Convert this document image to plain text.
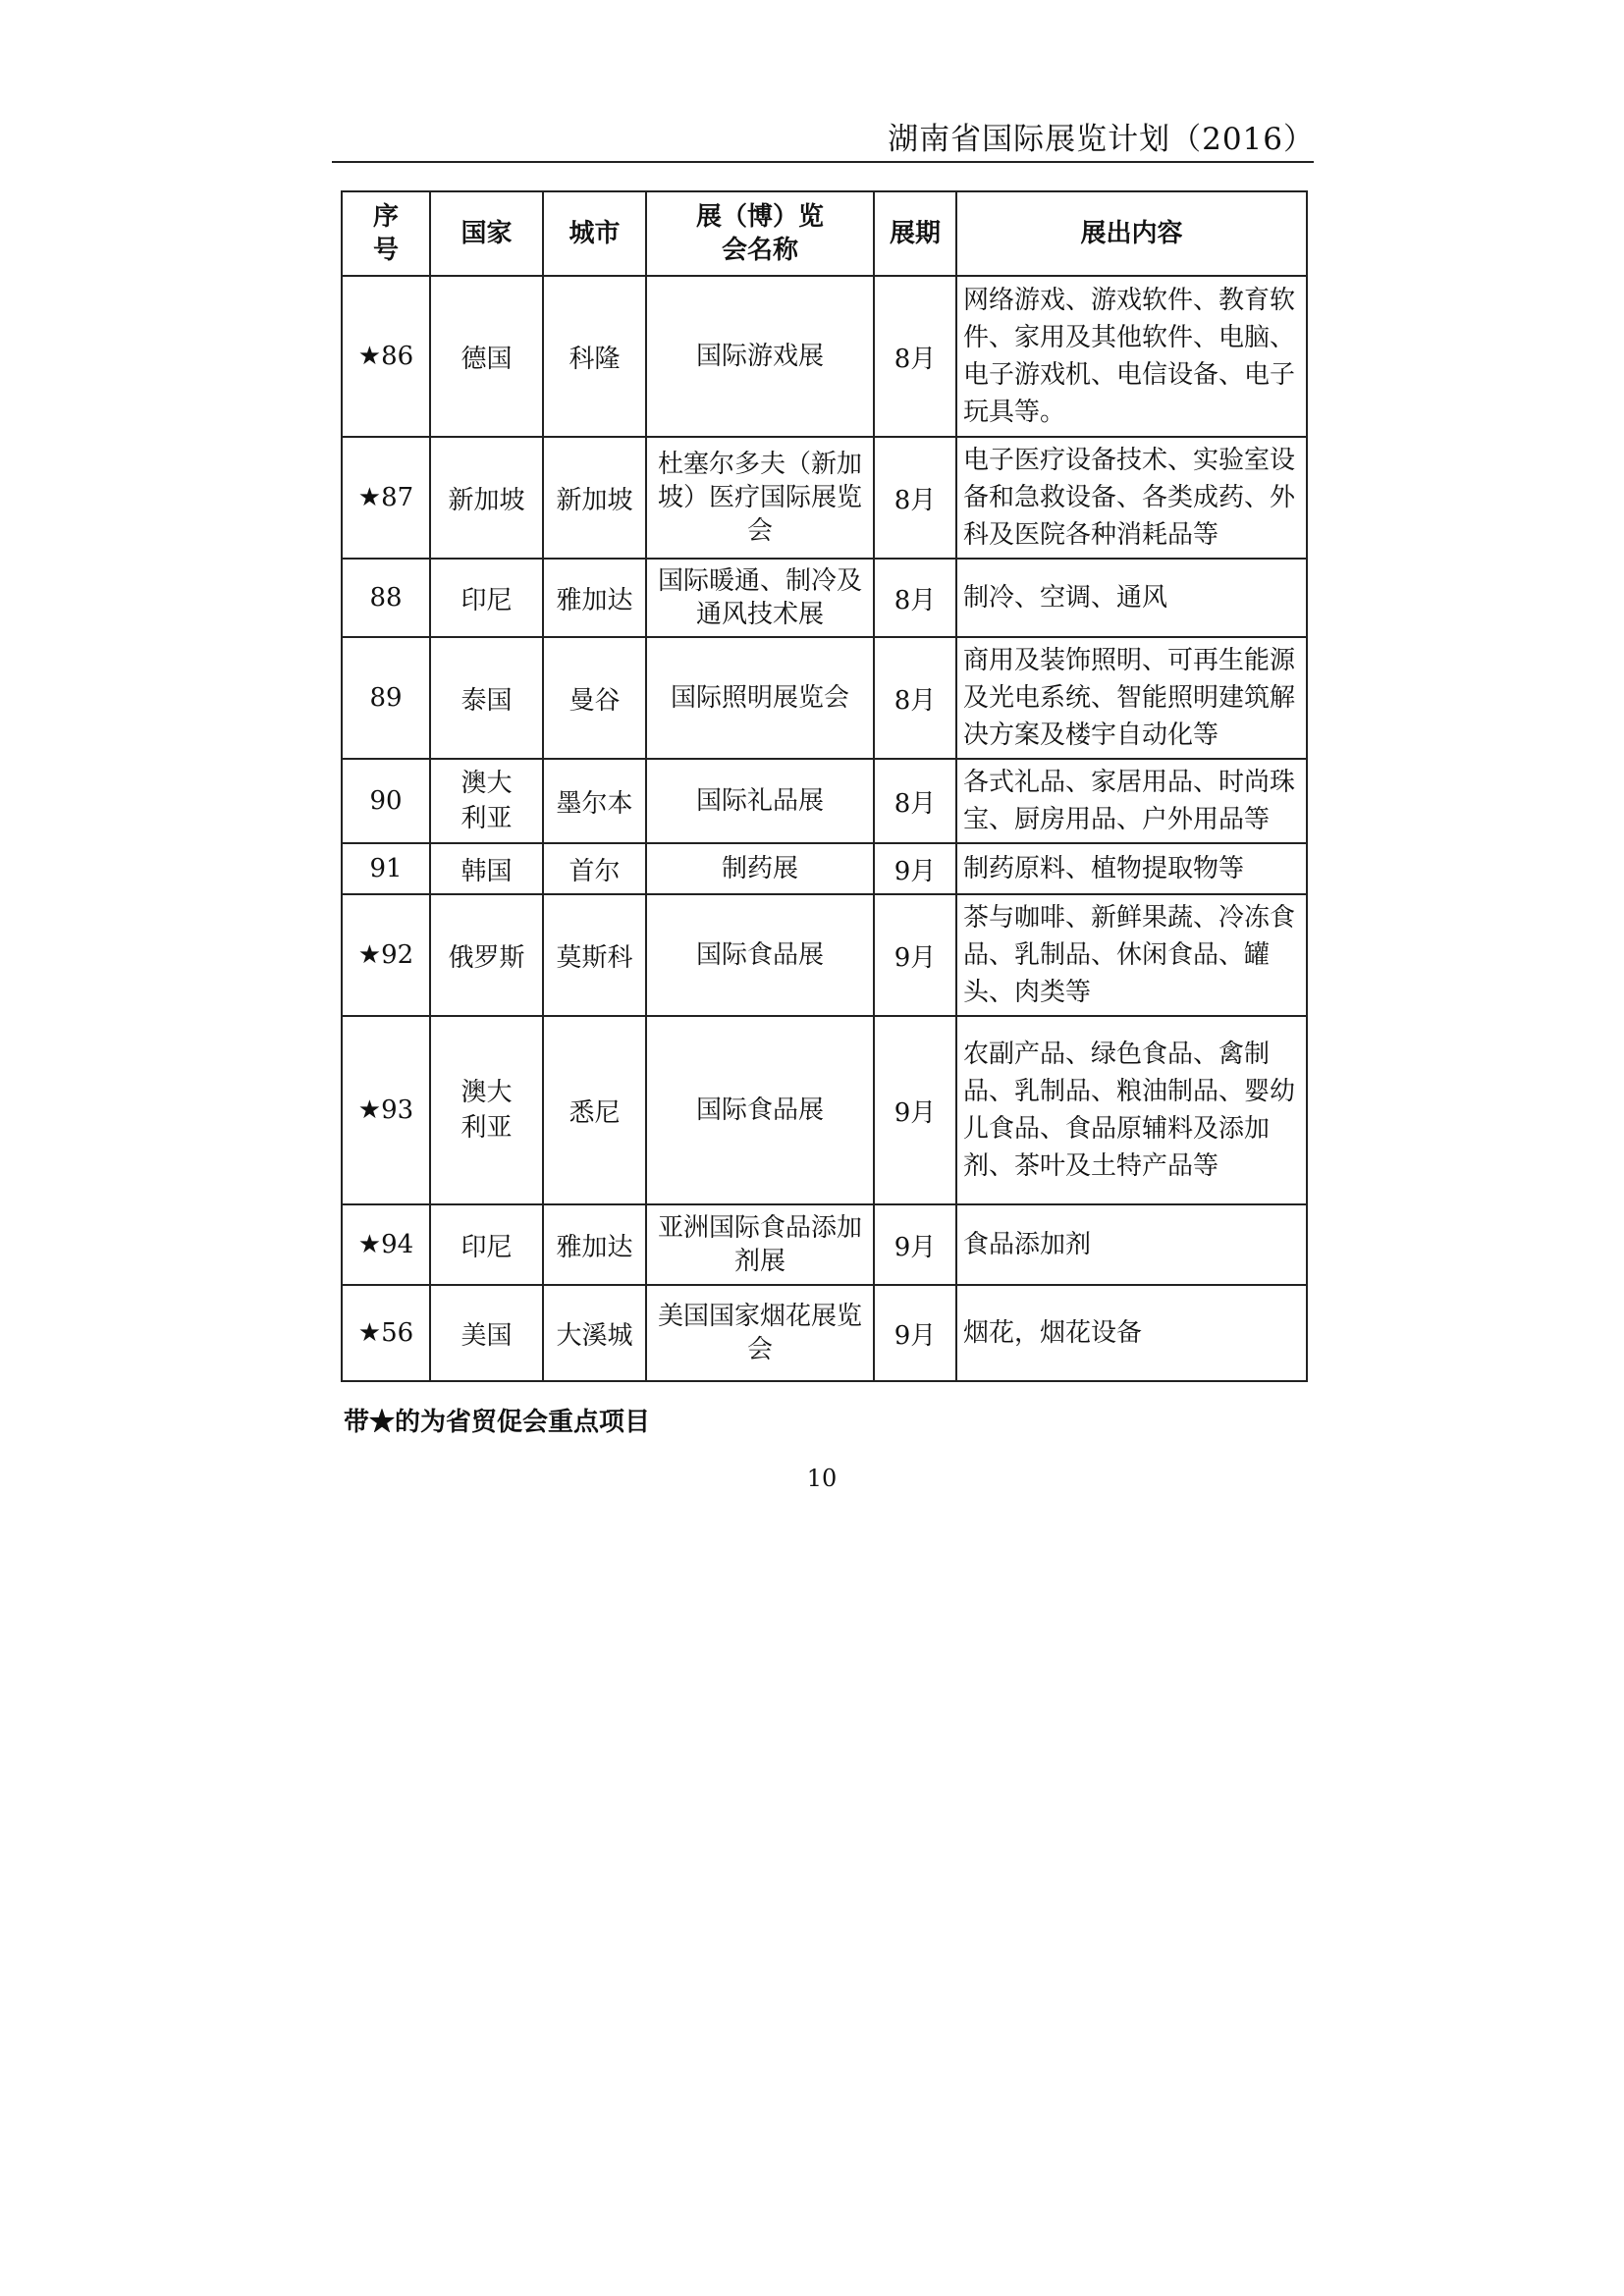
湖南省国际展览计划（2016）
序号	国家	城市	展（博）览会名称	展期	展出内容
★86	德国	科隆	国际游戏展	8月	网络游戏、游戏软件、教育软件、家用及其他软件、电脑、电子游戏机、电信设备、电子玩具等。
★87	新加坡	新加坡	杜塞尔多夫（新加坡）医疗国际展览会	8月	电子医疗设备技术、实验室设备和急救设备、各类成药、外科及医院各种消耗品等
88	印尼	雅加达	国际暖通、制冷及通风技术展	8月	制冷、空调、通风
89	泰国	曼谷	国际照明展览会	8月	商用及装饰照明、可再生能源及光电系统、智能照明建筑解决方案及楼宇自动化等
90	澳大利亚	墨尔本	国际礼品展	8月	各式礼品、家居用品、时尚珠宝、厨房用品、户外用品等
91	韩国	首尔	制药展	9月	制药原料、植物提取物等
★92	俄罗斯	莫斯科	国际食品展	9月	茶与咖啡、新鲜果蔬、冷冻食品、乳制品、休闲食品、罐头、肉类等
★93	澳大利亚	悉尼	国际食品展	9月	农副产品、绿色食品、禽制品、乳制品、粮油制品、婴幼儿食品、食品原辅料及添加剂、茶叶及土特产品等
★94	印尼	雅加达	亚洲国际食品添加剂展	9月	食品添加剂
★56	美国	大溪城	美国国家烟花展览会	9月	烟花，烟花设备
带★的为省贸促会重点项目
10
